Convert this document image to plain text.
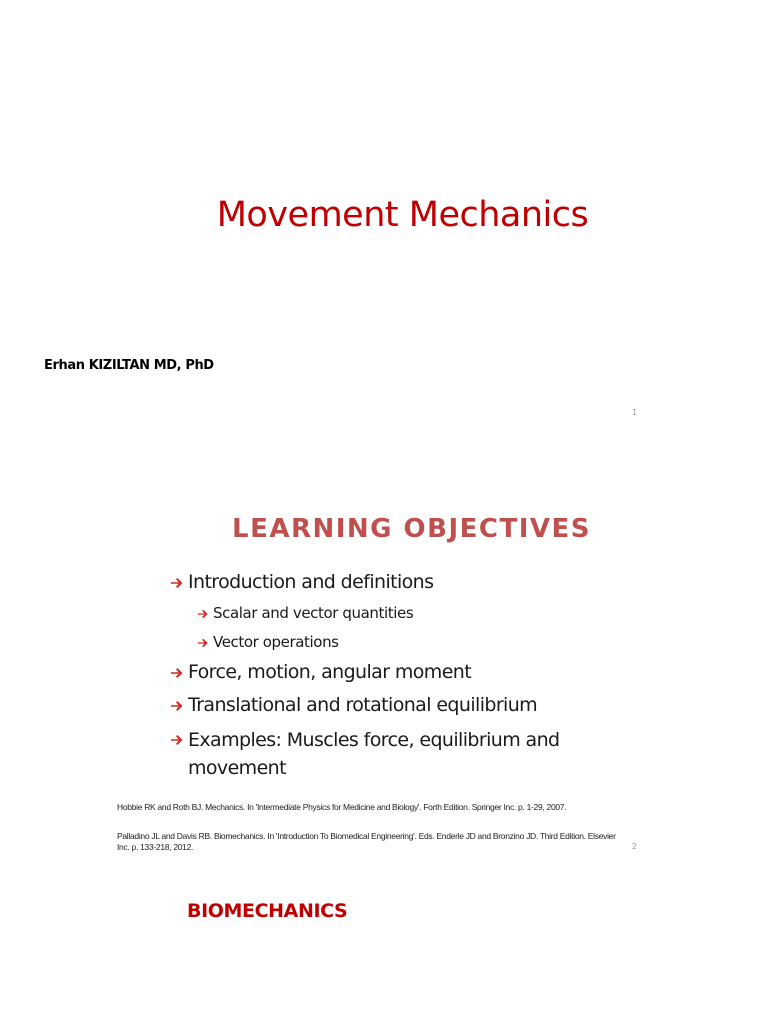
Movement Mechanics
Erhan KIZILTAN MD, PhD
1
LEARNING OBJECTIVES
Introduction and definitions
Scalar and vector quantities
Vector operations
Force, motion, angular moment
Translational and rotational equilibrium
Examples: Muscles force, equilibrium and movement
Hobbie RK and Roth BJ. Mechanics. In 'Intermediate Physics for Medicine and Biology'. Forth Edition. Springer Inc. p. 1-29, 2007.
Palladino JL and Davis RB. Biomechanics. In 'Introduction To Biomedical Engineering'. Eds. Enderle JD and Bronzino JD. Third Edition. Elsevier Inc. p. 133-218, 2012.	2
BIOMECHANICS
